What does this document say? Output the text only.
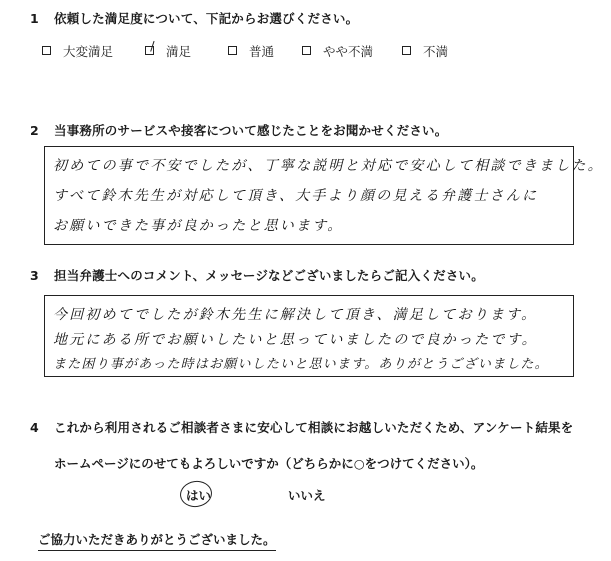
1 依頼した満足度について、下記からお選びください。
大変満足	満足	普通	やや不満	不満
2 当事務所のサービスや接客について感じたことをお聞かせください。
初めての事で不安でしたが、丁寧な説明と対応で安心して相談できました。
すべて鈴木先生が対応して頂き、大手より顔の見える弁護士さんに
お願いできた事が良かったと思います。
3 担当弁護士へのコメント、メッセージなどございましたらご記入ください。
今回初めてでしたが鈴木先生に解決して頂き、満足しております。
地元にある所でお願いしたいと思っていましたので良かったです。
また困り事があった時はお願いしたいと思います。ありがとうございました。
4 これから利用されるご相談者さまに安心して相談にお越しいただくため、アンケート結果を
ホームページにのせてもよろしいですか（どちらかに○をつけてください）。
はい	いいえ
ご協力いただきありがとうございました。
